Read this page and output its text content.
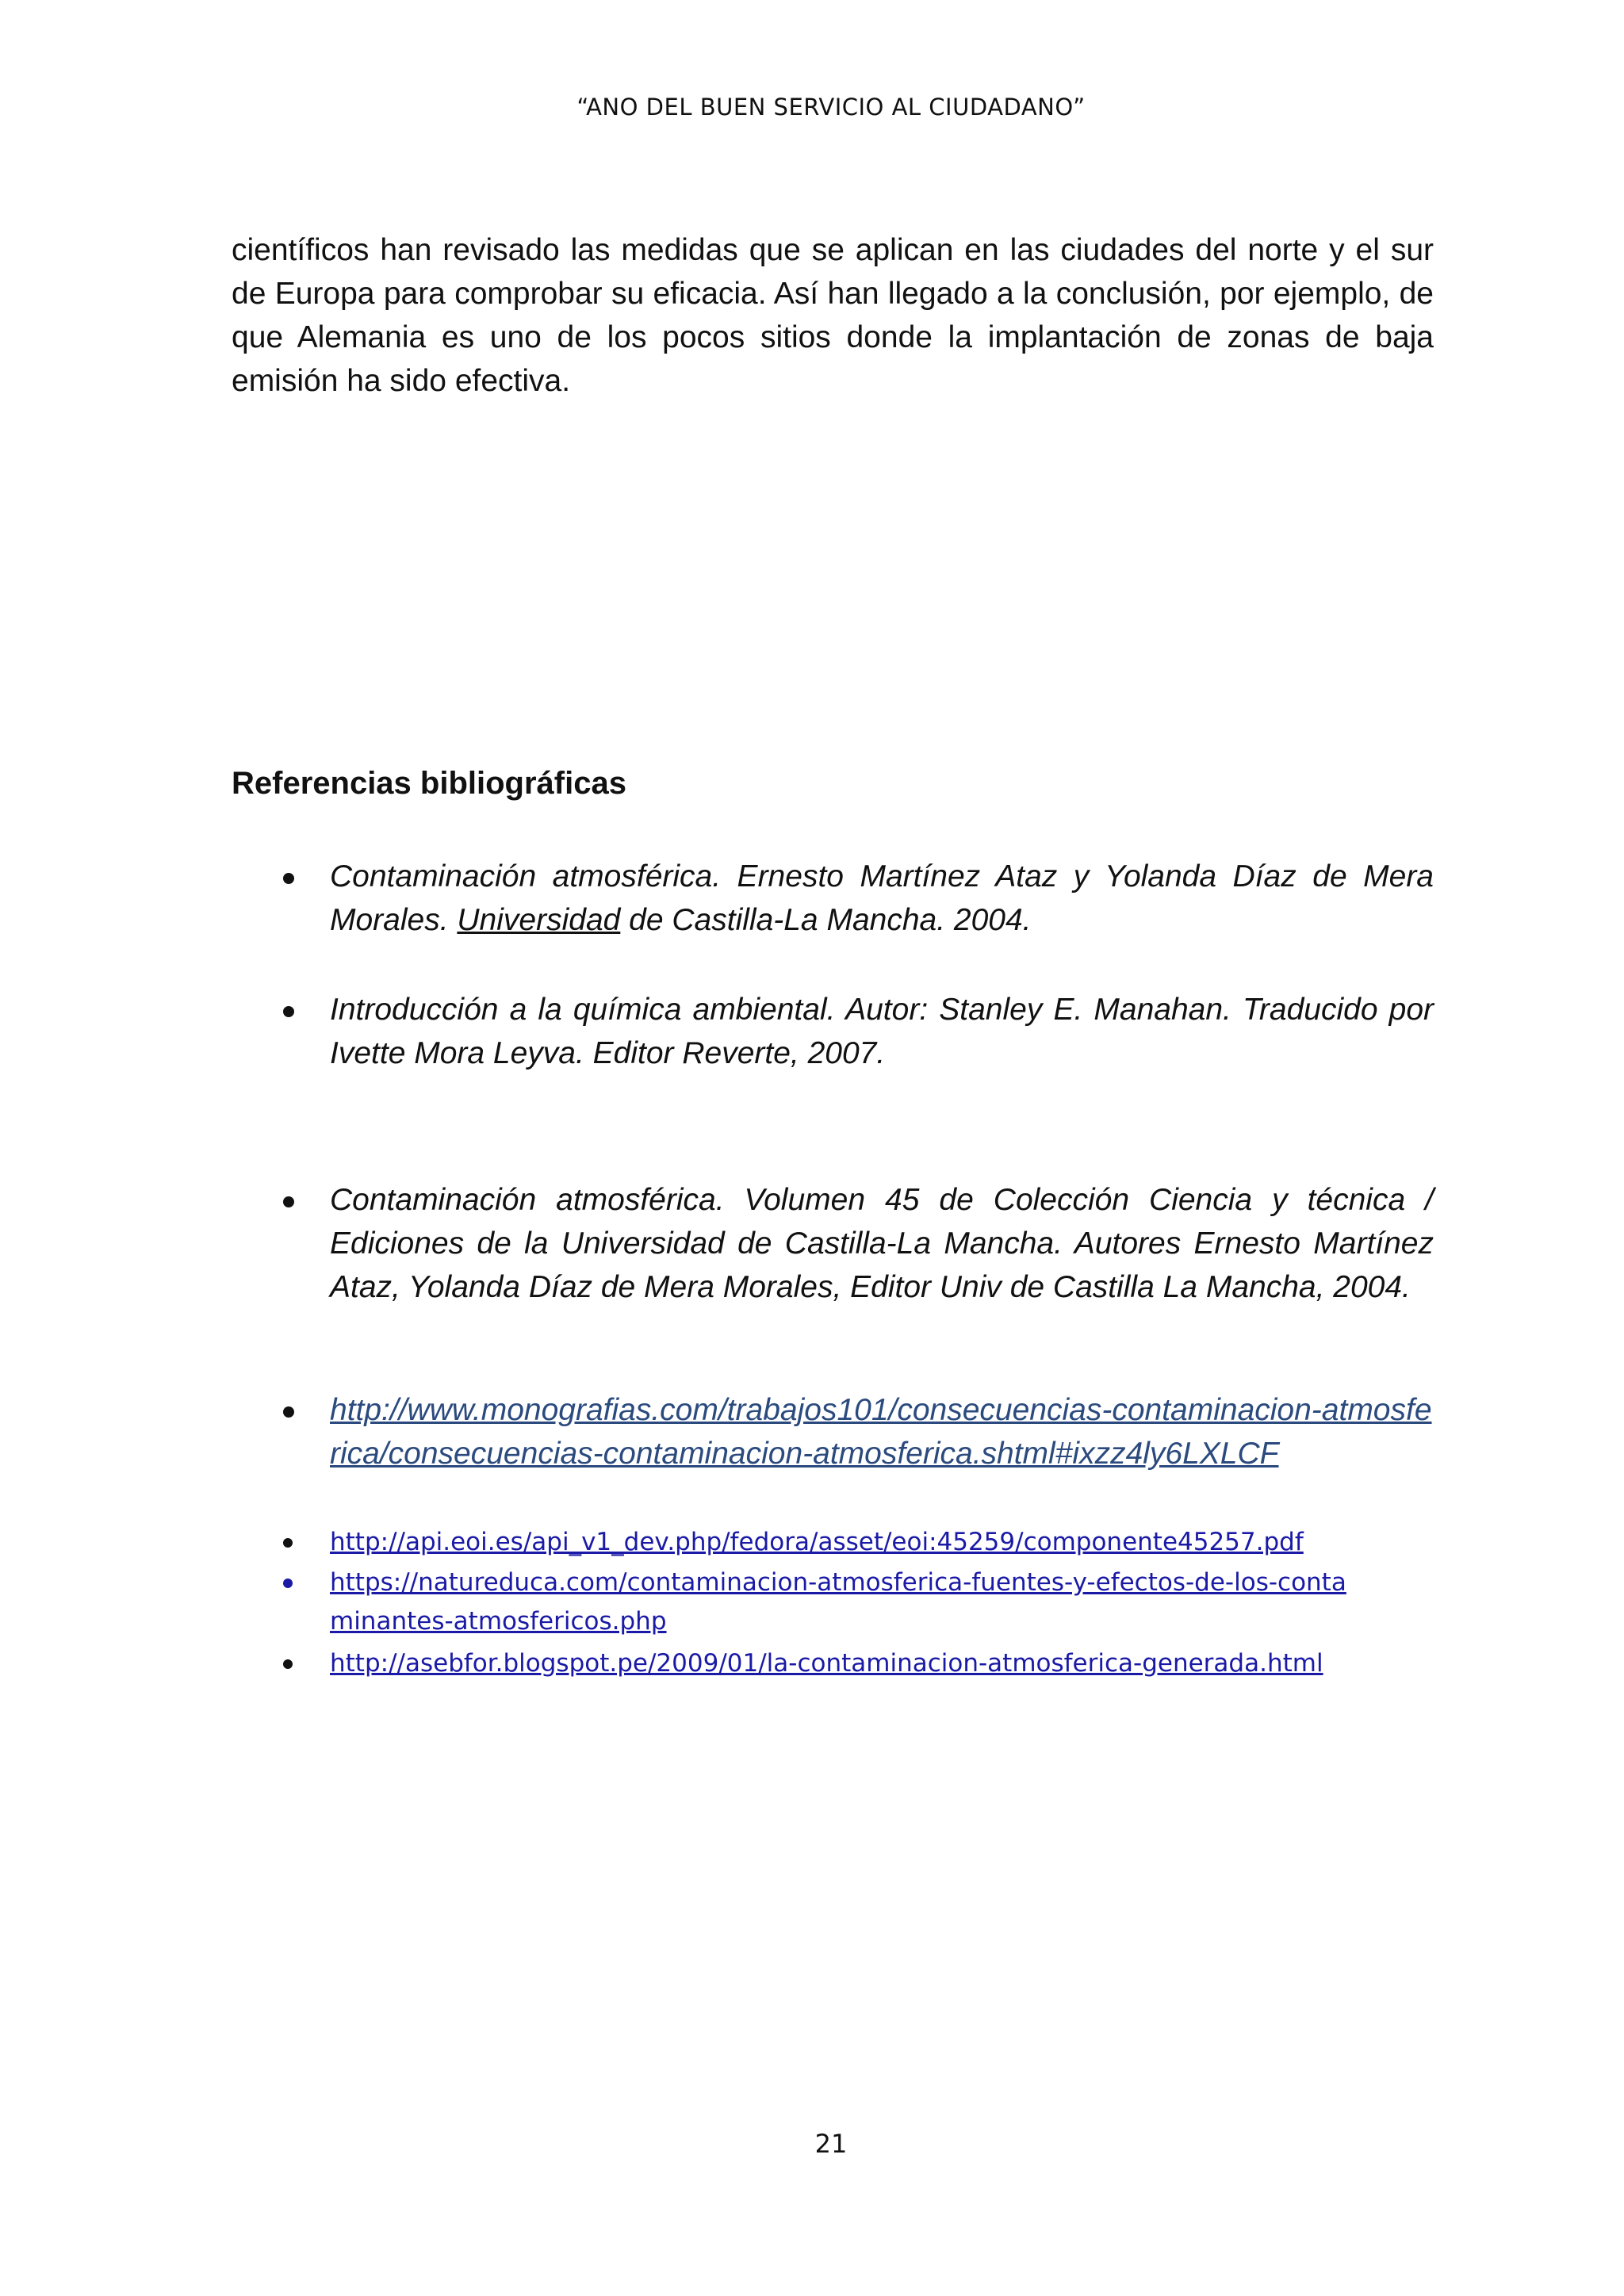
“ANO DEL BUEN SERVICIO AL CIUDADANO”
científicos han revisado las medidas que se aplican en las ciudades del norte y el sur de Europa para comprobar su eficacia. Así han llegado a la conclusión, por ejemplo, de que Alemania es uno de los pocos sitios donde la implantación de zonas de baja emisión ha sido efectiva.
Referencias bibliográficas
Contaminación atmosférica. Ernesto Martínez Ataz y Yolanda Díaz de Mera Morales. Universidad de Castilla-La Mancha. 2004.
Introducción a la química ambiental. Autor: Stanley E. Manahan. Traducido por Ivette Mora Leyva. Editor Reverte, 2007.
Contaminación atmosférica. Volumen 45 de Colección Ciencia y técnica / Ediciones de la Universidad de Castilla-La Mancha. Autores Ernesto Martínez Ataz, Yolanda Díaz de Mera Morales, Editor Univ de Castilla La Mancha, 2004.
http://www.monografias.com/trabajos101/consecuencias-contaminacion-atmosferica/consecuencias-contaminacion-atmosferica.shtml#ixzz4ly6LXLCF
http://api.eoi.es/api_v1_dev.php/fedora/asset/eoi:45259/componente45257.pdf
https://natureduca.com/contaminacion-atmosferica-fuentes-y-efectos-de-los-contaminantes-atmosfericos.php
http://asebfor.blogspot.pe/2009/01/la-contaminacion-atmosferica-generada.html
21
